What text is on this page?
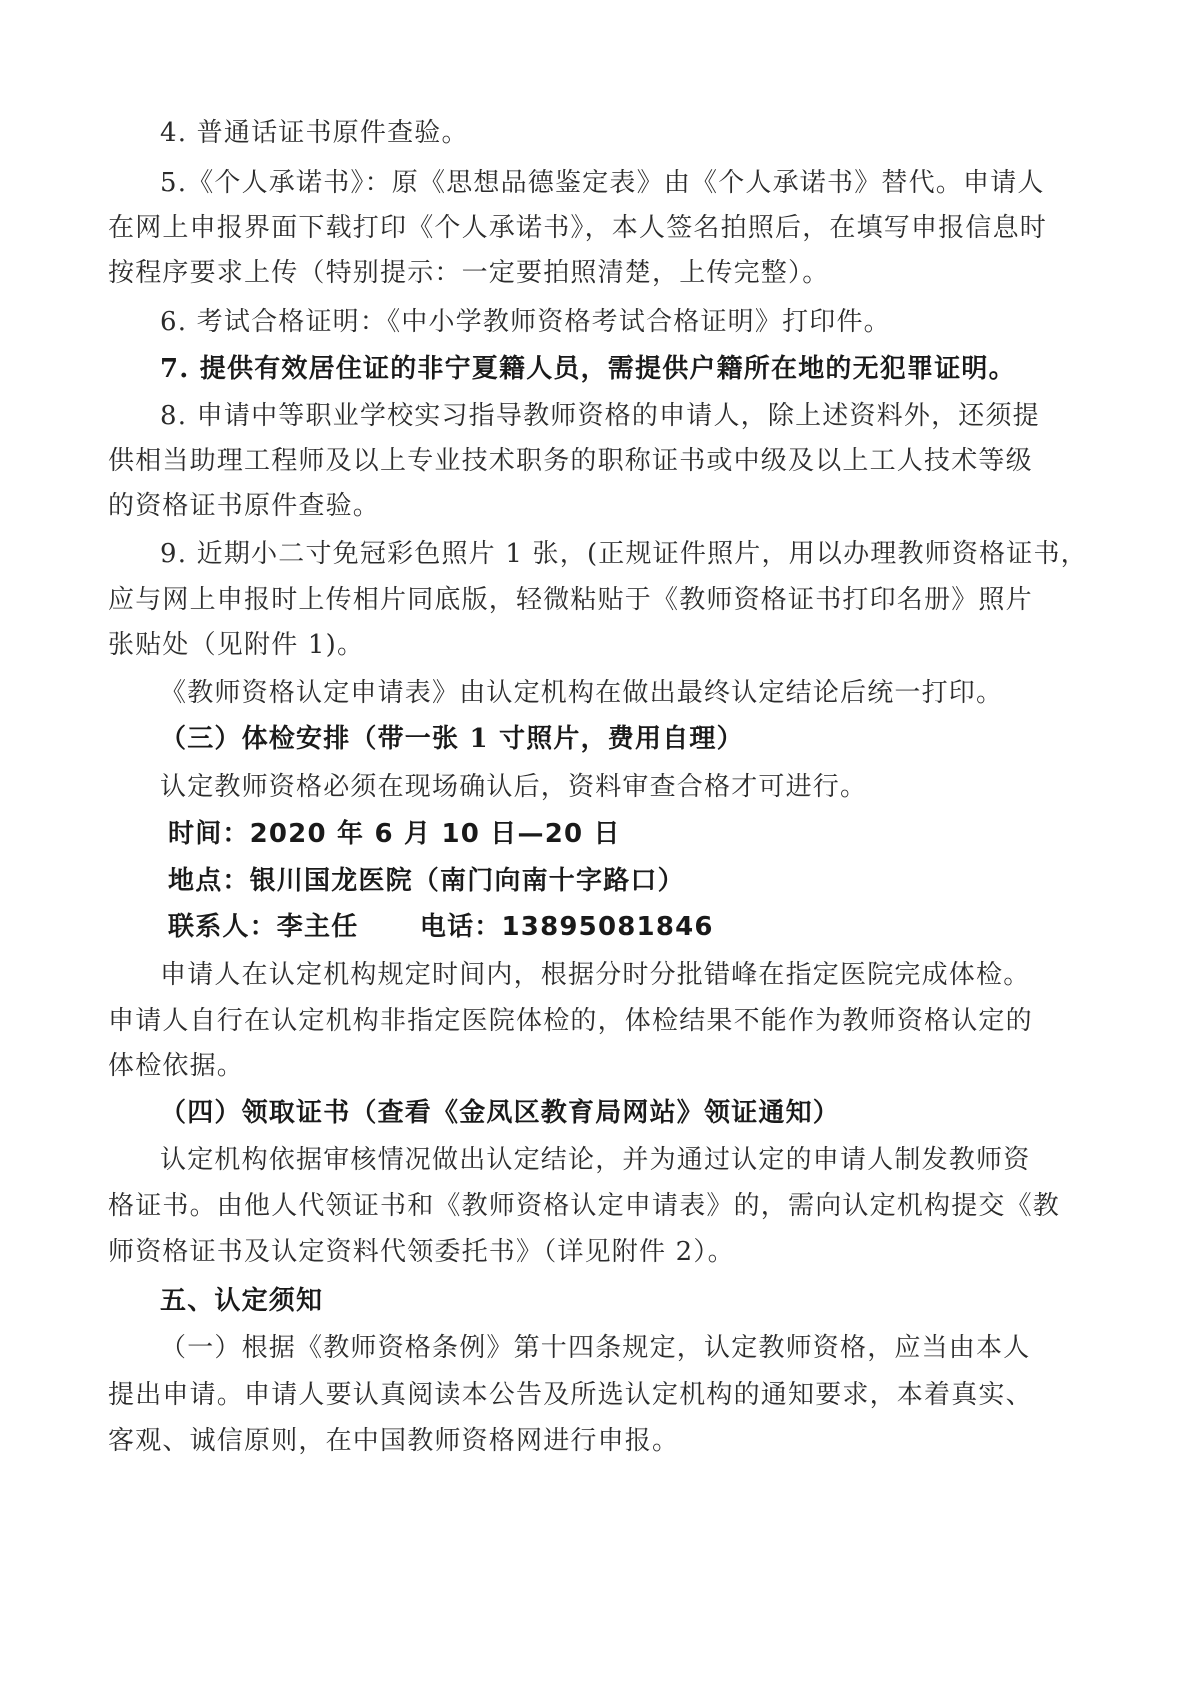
4. 普通话证书原件查验。
5.《个人承诺书》：原《思想品德鉴定表》由《个人承诺书》替代。申请人
在网上申报界面下载打印《个人承诺书》，本人签名拍照后，在填写申报信息时
按程序要求上传（特别提示：一定要拍照清楚，上传完整）。
6. 考试合格证明：《中小学教师资格考试合格证明》打印件。
7. 提供有效居住证的非宁夏籍人员，需提供户籍所在地的无犯罪证明。
8. 申请中等职业学校实习指导教师资格的申请人，除上述资料外，还须提
供相当助理工程师及以上专业技术职务的职称证书或中级及以上工人技术等级
的资格证书原件查验。
9. 近期小二寸免冠彩色照片 1 张，(正规证件照片，用以办理教师资格证书，
应与网上申报时上传相片同底版，轻微粘贴于《教师资格证书打印名册》照片
张贴处（见附件 1)。
《教师资格认定申请表》由认定机构在做出最终认定结论后统一打印。
（三）体检安排（带一张 1 寸照片，费用自理）
认定教师资格必须在现场确认后，资料审查合格才可进行。
时间：2020 年 6 月 10 日—20 日
地点：银川国龙医院（南门向南十字路口）
联系人：李主任      电话：13895081846
申请人在认定机构规定时间内，根据分时分批错峰在指定医院完成体检。
申请人自行在认定机构非指定医院体检的，体检结果不能作为教师资格认定的
体检依据。
（四）领取证书（查看《金凤区教育局网站》领证通知）
认定机构依据审核情况做出认定结论，并为通过认定的申请人制发教师资
格证书。由他人代领证书和《教师资格认定申请表》的，需向认定机构提交《教
师资格证书及认定资料代领委托书》（详见附件 2）。
五、认定须知
（一）根据《教师资格条例》第十四条规定，认定教师资格，应当由本人
提出申请。申请人要认真阅读本公告及所选认定机构的通知要求，本着真实、
客观、诚信原则，在中国教师资格网进行申报。
